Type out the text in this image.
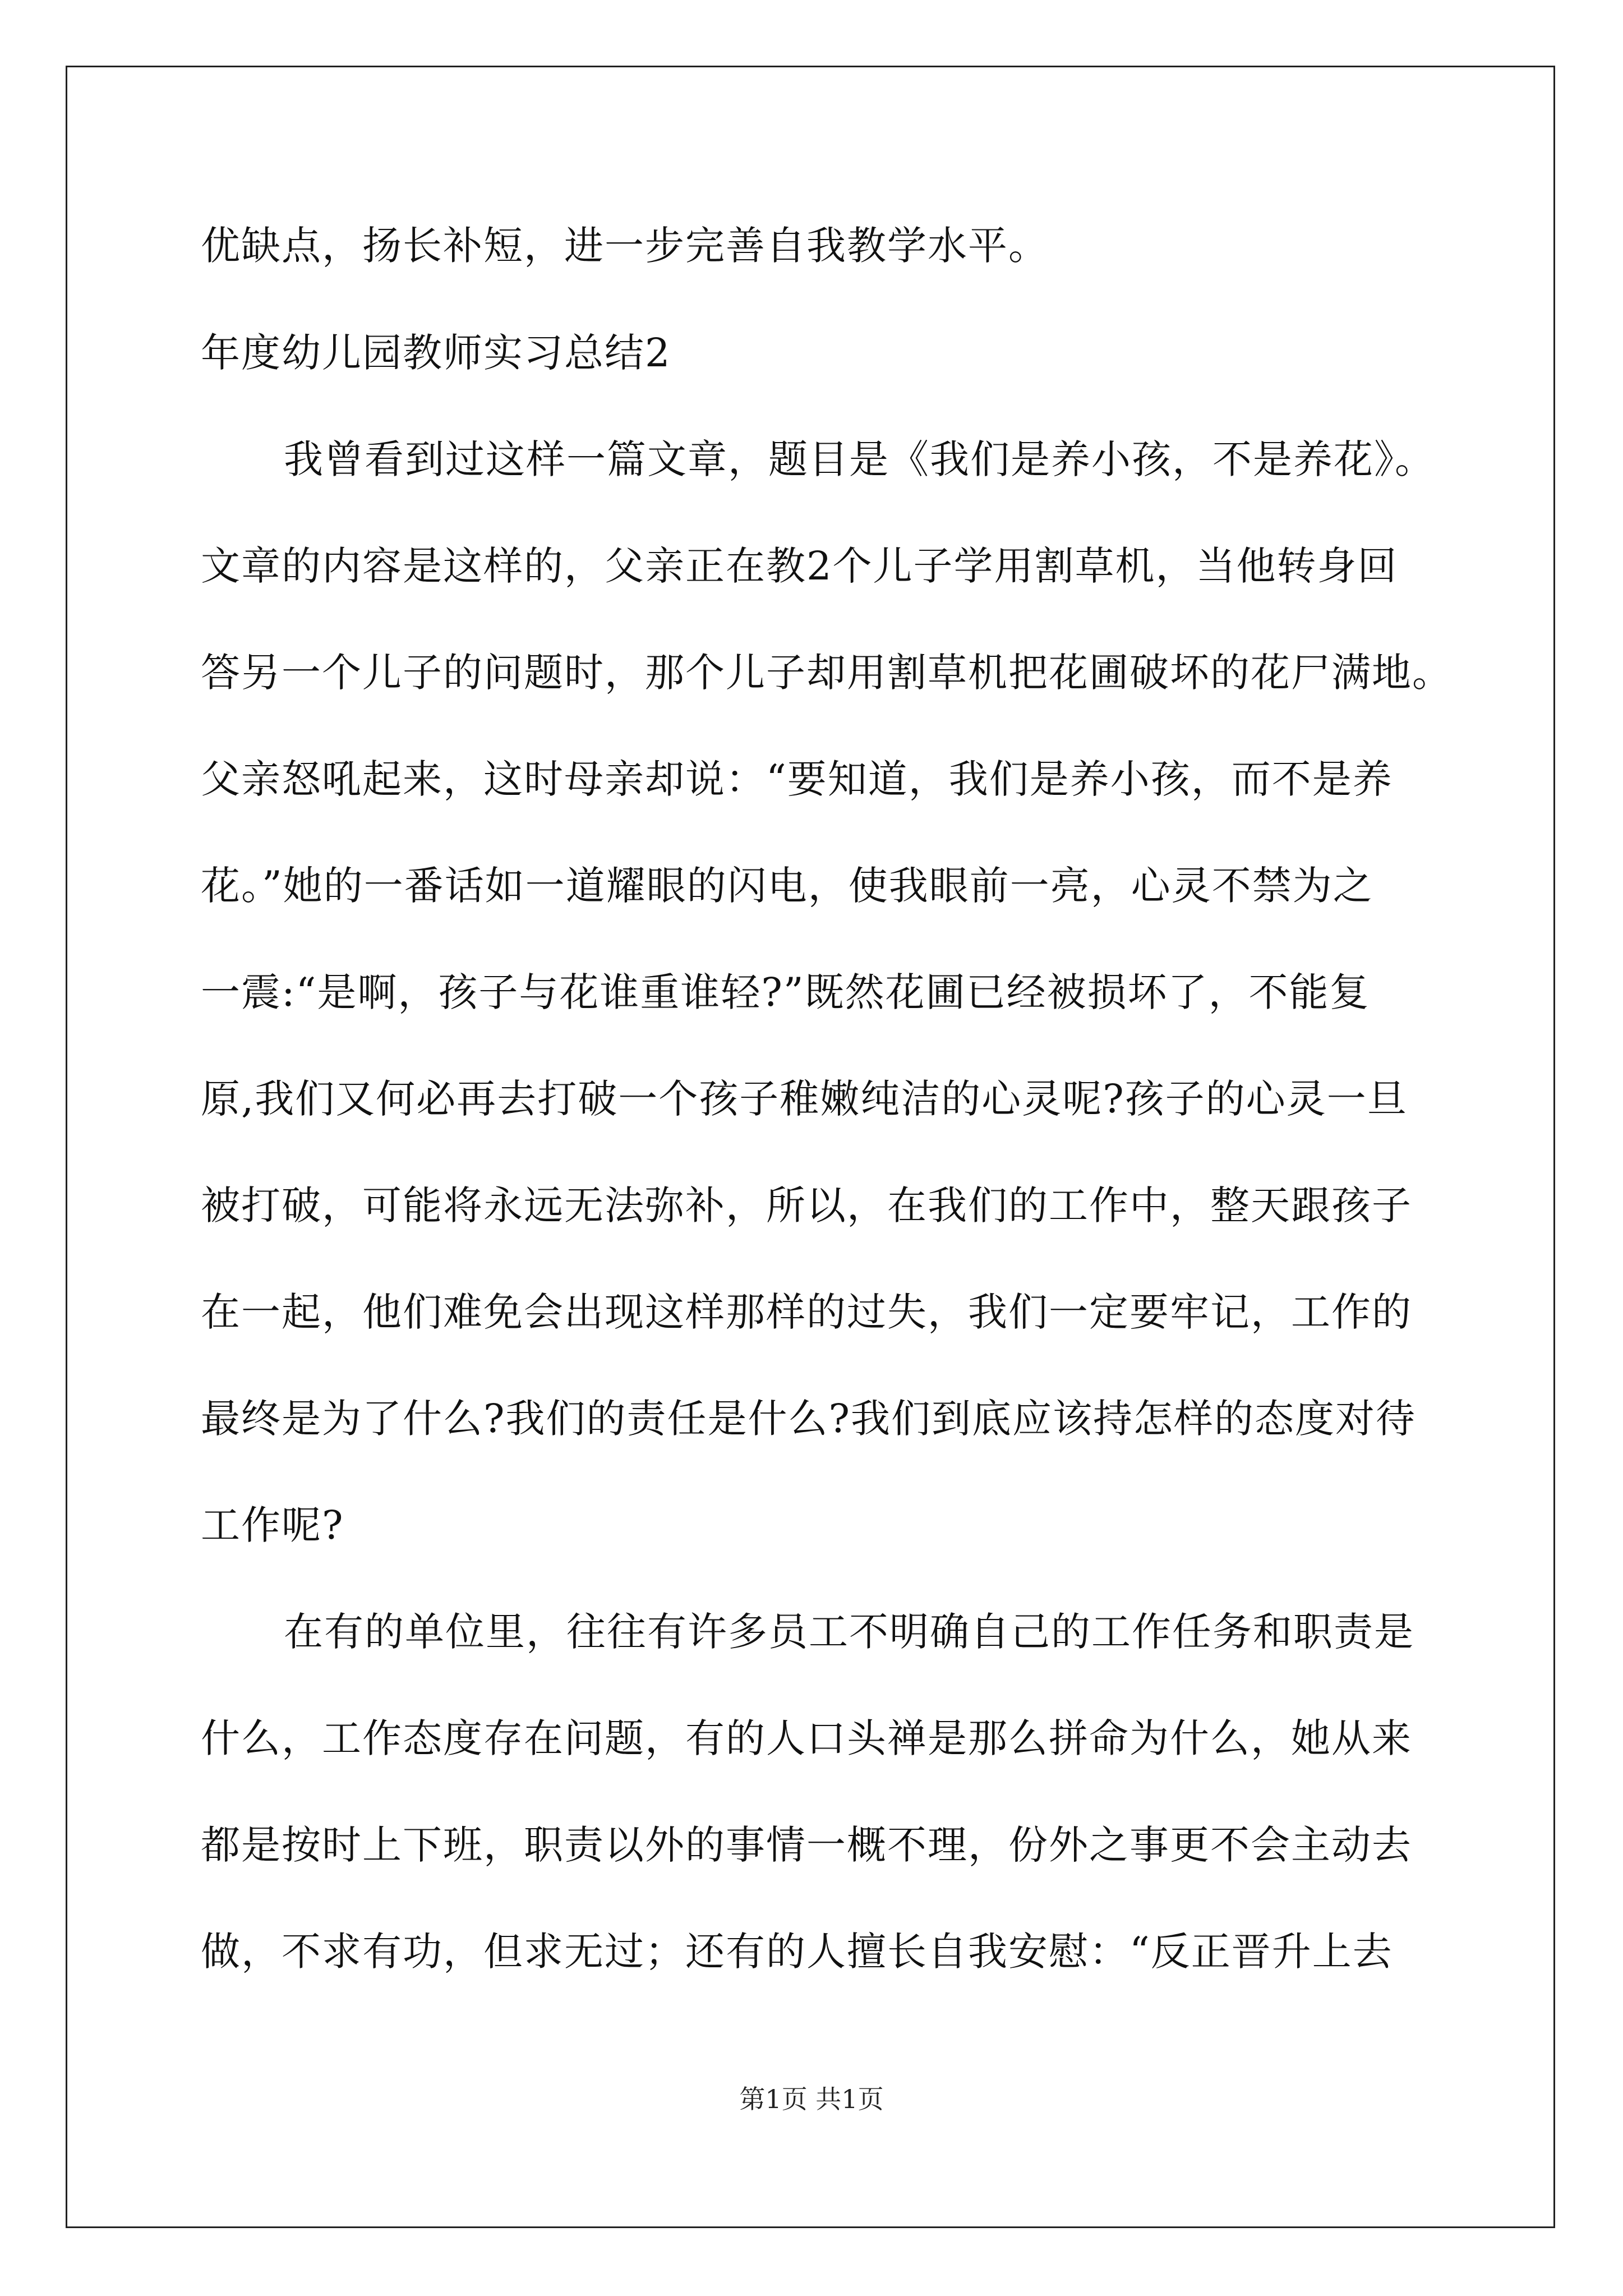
优缺点，扬长补短，进一步完善自我教学水平。
年度幼儿园教师实习总结2
我曾看到过这样一篇文章，题目是《我们是养小孩，不是养花》。
文章的内容是这样的，父亲正在教2个儿子学用割草机，当他转身回
答另一个儿子的问题时，那个儿子却用割草机把花圃破坏的花尸满地。
父亲怒吼起来，这时母亲却说：“要知道，我们是养小孩，而不是养
花。”她的一番话如一道耀眼的闪电，使我眼前一亮，心灵不禁为之
一震:“是啊，孩子与花谁重谁轻?”既然花圃已经被损坏了，不能复
原,我们又何必再去打破一个孩子稚嫩纯洁的心灵呢?孩子的心灵一旦
被打破，可能将永远无法弥补，所以，在我们的工作中，整天跟孩子
在一起，他们难免会出现这样那样的过失，我们一定要牢记，工作的
最终是为了什么?我们的责任是什么?我们到底应该持怎样的态度对待
工作呢?
在有的单位里，往往有许多员工不明确自己的工作任务和职责是
什么，工作态度存在问题，有的人口头禅是那么拼命为什么，她从来
都是按时上下班，职责以外的事情一概不理，份外之事更不会主动去
做，不求有功，但求无过；还有的人擅长自我安慰：“反正晋升上去
第1页 共1页
